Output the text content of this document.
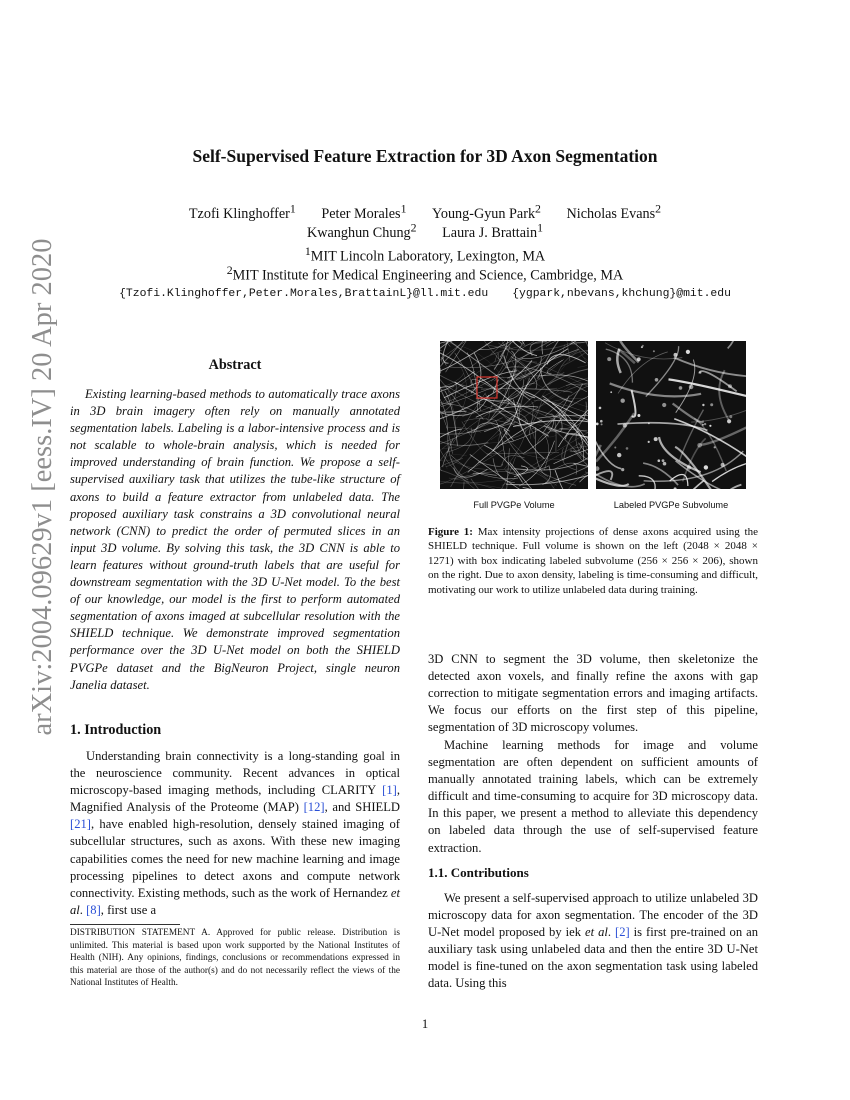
arXiv:2004.09629v1 [eess.IV] 20 Apr 2020
Self-Supervised Feature Extraction for 3D Axon Segmentation
Tzofi Klinghoffer$^1$ Peter Morales$^1$ Young-Gyun Park$^2$ Nicholas Evans$^2$
Kwanghun Chung$^2$ Laura J. Brattain$^1$
$^1$MIT Lincoln Laboratory, Lexington, MA
$^2$MIT Institute for Medical Engineering and Science, Cambridge, MA
{Tzofi.Klinghoffer,Peter.Morales,BrattainL}@ll.mit.edu {ygpark,nbevans,khchung}@mit.edu
Abstract
Existing learning-based methods to automatically trace axons in 3D brain imagery often rely on manually annotated segmentation labels. Labeling is a labor-intensive process and is not scalable to whole-brain analysis, which is needed for improved understanding of brain function. We propose a self-supervised auxiliary task that utilizes the tube-like structure of axons to build a feature extractor from unlabeled data. The proposed auxiliary task constrains a 3D convolutional neural network (CNN) to predict the order of permuted slices in an input 3D volume. By solving this task, the 3D CNN is able to learn features without ground-truth labels that are useful for downstream segmentation with the 3D U-Net model. To the best of our knowledge, our model is the first to perform automated segmentation of axons imaged at subcellular resolution with the SHIELD technique. We demonstrate improved segmentation performance over the 3D U-Net model on both the SHIELD PVGPe dataset and the BigNeuron Project, single neuron Janelia dataset.
1. Introduction
Understanding brain connectivity is a long-standing goal in the neuroscience community. Recent advances in optical microscopy-based imaging methods, including CLARITY [1], Magnified Analysis of the Proteome (MAP) [12], and SHIELD [21], have enabled high-resolution, densely stained imaging of subcellular structures, such as axons. With these new imaging capabilities comes the need for new machine learning and image processing pipelines to detect axons and compute network connectivity. Existing methods, such as the work of Hernandez et al. [8], first use a
DISTRIBUTION STATEMENT A. Approved for public release. Distribution is unlimited. This material is based upon work supported by the National Institutes of Health (NIH). Any opinions, findings, conclusions or recommendations expressed in this material are those of the author(s) and do not necessarily reflect the views of the National Institutes of Health.
Full PVGPe Volume	Labeled PVGPe Subvolume
Figure 1: Max intensity projections of dense axons acquired using the SHIELD technique. Full volume is shown on the left (2048 × 2048 × 1271) with box indicating labeled subvolume (256 × 256 × 206), shown on the right. Due to axon density, labeling is time-consuming and difficult, motivating our work to utilize unlabeled data during training.
3D CNN to segment the 3D volume, then skeletonize the detected axon voxels, and finally refine the axons with gap correction to mitigate segmentation errors and imaging artifacts. We focus our efforts on the first step of this pipeline, segmentation of 3D microscopy volumes.
Machine learning methods for image and volume segmentation are often dependent on sufficient amounts of manually annotated training labels, which can be extremely difficult and time-consuming to acquire for 3D microscopy data. In this paper, we present a method to alleviate this dependency on labeled data through the use of self-supervised feature extraction.
1.1. Contributions
We present a self-supervised approach to utilize unlabeled 3D microscopy data for axon segmentation. The encoder of the 3D U-Net model proposed by iek et al. [2] is first pre-trained on an auxiliary task using unlabeled data and then the entire 3D U-Net model is fine-tuned on the axon segmentation task using labeled data. Using this
1
